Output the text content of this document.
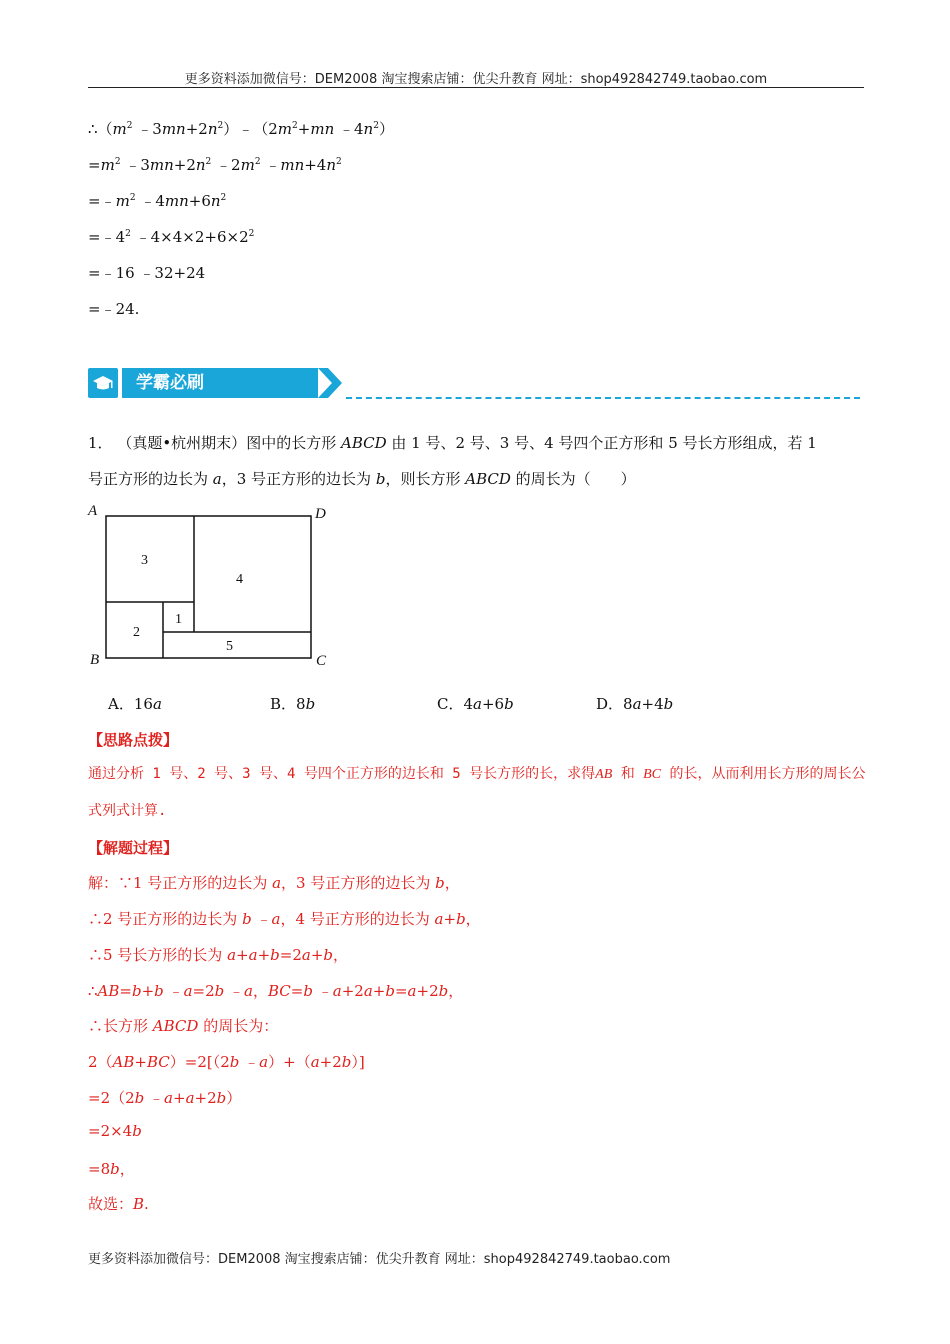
更多资料添加微信号：DEM2008 淘宝搜索店铺：优尖升教育 网址：shop492842749.taobao.com
$\therefore(m^2$ $﹣3mn+2n^2)﹣(2m^2+mn$ $﹣4n^2$）
$=m^2$ $﹣3mn+2n^2$ $﹣2m^2$ $﹣mn+4n^2$
$=﹣m^2$ $﹣4mn+6n^2$
$=﹣4^2$ $﹣4\times 4\times 2+6\times 2^2$
=﹣16 ﹣32+24
=﹣24.
学霸必刷
1． （真题•杭州期末）图中的长方形 ABCD 由 1 号、2 号、3 号、4 号四个正方形和 5 号长方形组成，若 1
号正方形的边长为 a，3 号正方形的边长为 b，则长方形 ABCD 的周长为（　　）
A
B	C
D
3
4
1
2
5
A．16a	B．8b	C．4a+6b	D．8a+4b
【思路点拨】
通过分析 1 号、2 号、3 号、4 号四个正方形的边长和 5 号长方形的长，求得AB 和 BC 的长，从而利用长方形的周长公式列式计算.
【解题过程】
解：∵1 号正方形的边长为 a，3 号正方形的边长为 b，
∴2 号正方形的边长为 b ﹣a，4 号正方形的边长为 a+b，
∴5 号长方形的长为 a+a+b=2a+b，
∴AB=b+b ﹣a=2b ﹣a，BC=b ﹣a+2a+b=a+2b，
∴长方形 ABCD 的周长为：
2（AB+BC）=2[（2b ﹣a）+（a+2b）]
=2（2b ﹣a+a+2b）
=2×4b
=8b，
故选：B.
更多资料添加微信号：DEM2008 淘宝搜索店铺：优尖升教育 网址：shop492842749.taobao.com
